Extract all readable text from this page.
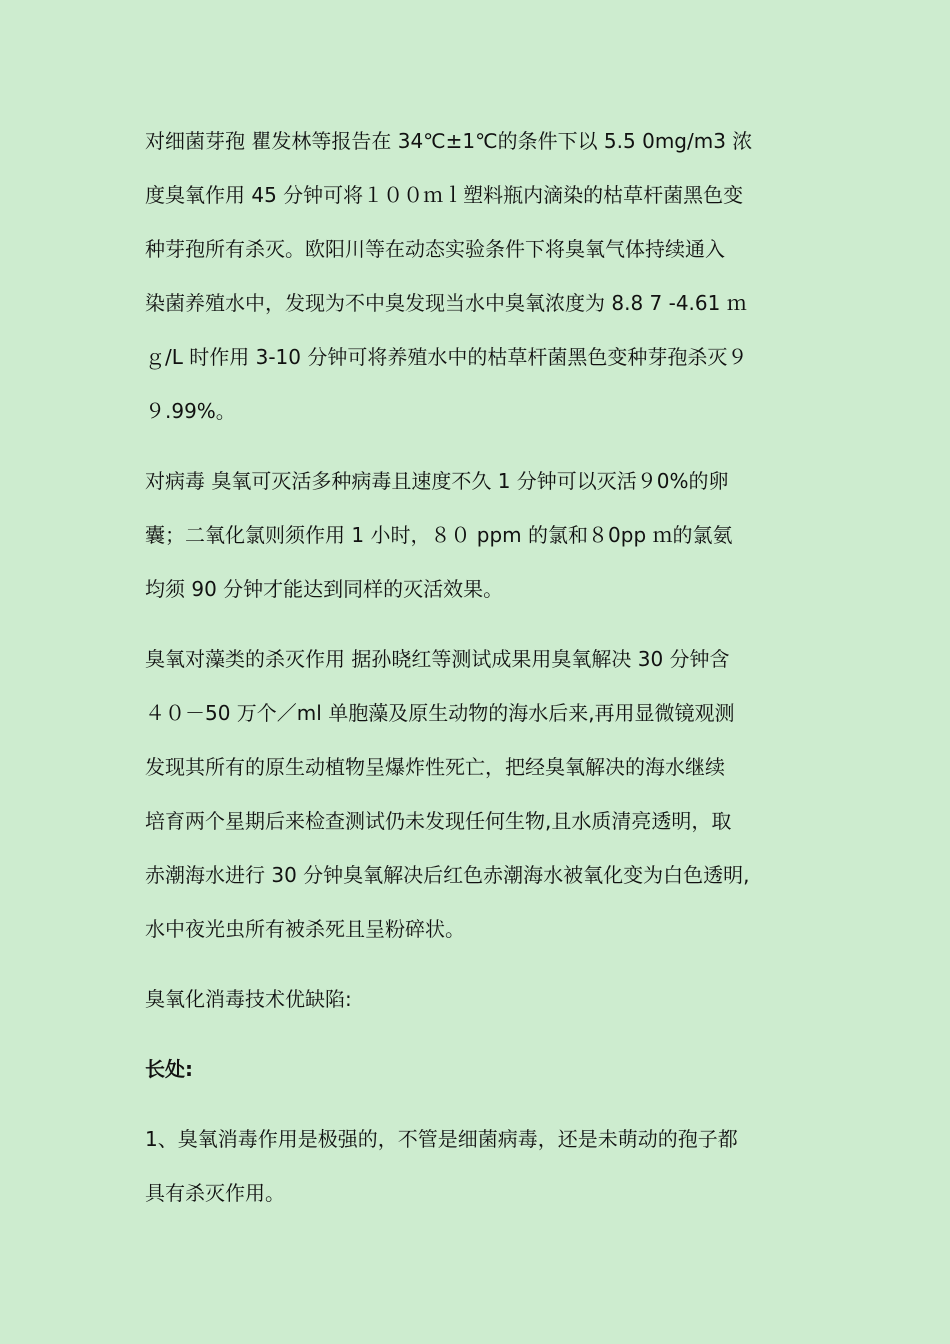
对细菌芽孢 瞿发林等报告在 34℃±1℃的条件下以 5.5 0mg/m3 浓
度臭氧作用 45 分钟可将１００ｍｌ塑料瓶内滴染的枯草杆菌黑色变
种芽孢所有杀灭。欧阳川等在动态实验条件下将臭氧气体持续通入
染菌养殖水中，发现为不中臭发现当水中臭氧浓度为 8.8 7 -4.61 ｍ
ｇ/L 时作用 3-10 分钟可将养殖水中的枯草杆菌黑色变种芽孢杀灭９
９.99%。

对病毒 臭氧可灭活多种病毒且速度不久 1 分钟可以灭活９0%的卵
囊；二氧化氯则须作用 1 小时，８０ ppm 的氯和８0pp ｍ的氯氨
均须 90 分钟才能达到同样的灭活效果。

臭氧对藻类的杀灭作用 据孙晓红等测试成果用臭氧解决 30 分钟含
４０－50 万个／ml 单胞藻及原生动物的海水后来,再用显微镜观测
发现其所有的原生动植物呈爆炸性死亡，把经臭氧解决的海水继续
培育两个星期后来检查测试仍未发现任何生物,且水质清亮透明，取
赤潮海水进行 30 分钟臭氧解决后红色赤潮海水被氧化变为白色透明,
水中夜光虫所有被杀死且呈粉碎状。

臭氧化消毒技术优缺陷:

长处:

1、臭氧消毒作用是极强的，不管是细菌病毒，还是未萌动的孢子都
具有杀灭作用。
